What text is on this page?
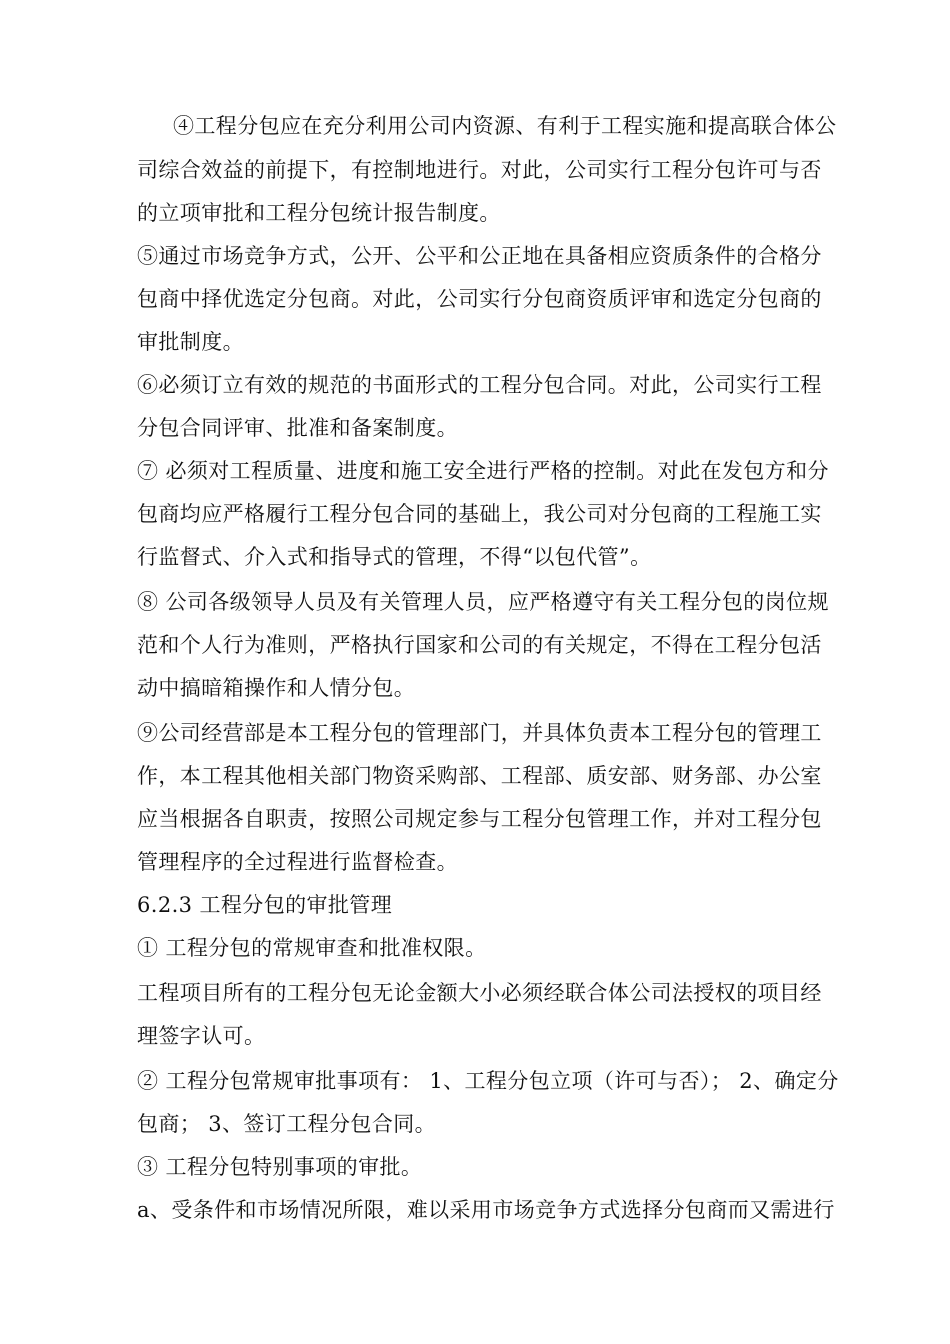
④工程分包应在充分利用公司内资源、有利于工程实施和提高联合体公
司综合效益的前提下，有控制地进行。对此，公司实行工程分包许可与否
的立项审批和工程分包统计报告制度。
⑤通过市场竞争方式，公开、公平和公正地在具备相应资质条件的合格分
包商中择优选定分包商。对此，公司实行分包商资质评审和选定分包商的
审批制度。
⑥必须订立有效的规范的书面形式的工程分包合同。对此，公司实行工程
分包合同评审、批准和备案制度。
⑦ 必须对工程质量、进度和施工安全进行严格的控制。对此在发包方和分
包商均应严格履行工程分包合同的基础上，我公司对分包商的工程施工实
行监督式、介入式和指导式的管理，不得“以包代管”。
⑧ 公司各级领导人员及有关管理人员，应严格遵守有关工程分包的岗位规
范和个人行为准则，严格执行国家和公司的有关规定，不得在工程分包活
动中搞暗箱操作和人情分包。
⑨公司经营部是本工程分包的管理部门，并具体负责本工程分包的管理工
作，本工程其他相关部门物资采购部、工程部、质安部、财务部、办公室
应当根据各自职责，按照公司规定参与工程分包管理工作，并对工程分包
管理程序的全过程进行监督检查。
6.2.3 工程分包的审批管理
① 工程分包的常规审查和批准权限。
工程项目所有的工程分包无论金额大小必须经联合体公司法授权的项目经
理签字认可。
② 工程分包常规审批事项有： 1、工程分包立项（许可与否）； 2、确定分
包商； 3、签订工程分包合同。
③ 工程分包特别事项的审批。
a、受条件和市场情况所限，难以采用市场竞争方式选择分包商而又需进行
